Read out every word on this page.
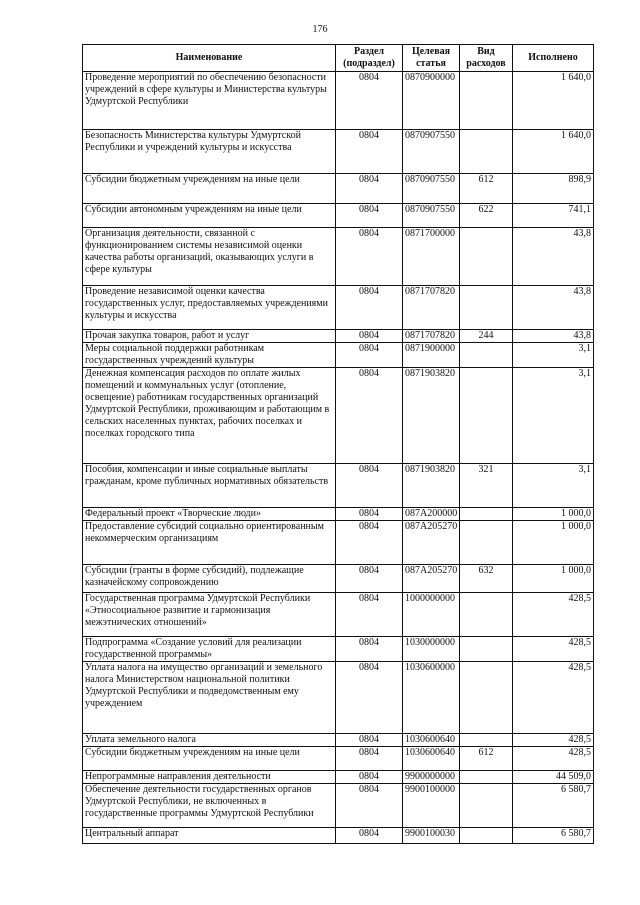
176
Наименование	Раздел (подраздел)	Целевая статья	Вид расходов	Исполнено
Проведение мероприятий по обеспечению безопасности учреждений в сфере культуры и Министерства культуры Удмуртской Республики	0804	0870900000		1 640,0
Безопасность Министерства культуры Удмуртской Республики и учреждений культуры и искусства	0804	0870907550		1 640,0
Субсидии бюджетным учреждениям на иные цели	0804	0870907550	612	898,9
Субсидии автономным учреждениям на иные цели	0804	0870907550	622	741,1
Организация деятельности, связанной с функционированием системы независимой оценки качества работы организаций, оказывающих услуги в сфере культуры	0804	0871700000		43,8
Проведение независимой оценки качества государственных услуг, предоставляемых учреждениями культуры и искусства	0804	0871707820		43,8
Прочая закупка товаров, работ и услуг	0804	0871707820	244	43,8
Меры социальной поддержки работникам государственных учреждений культуры	0804	0871900000		3,1
Денежная компенсация расходов по оплате жилых помещений и коммунальных услуг (отопление, освещение) работникам государственных организаций Удмуртской Республики, проживающим и работающим в сельских населенных пунктах, рабочих поселках и поселках городского типа	0804	0871903820		3,1
Пособия, компенсации и иные социальные выплаты гражданам, кроме публичных нормативных обязательств	0804	0871903820	321	3,1
Федеральный проект «Творческие люди»	0804	087A200000		1 000,0
Предоставление субсидий социально ориентированным некоммерческим организациям	0804	087A205270		1 000,0
Субсидии (гранты в форме субсидий), подлежащие казначейскому сопровождению	0804	087A205270	632	1 000,0
Государственная программа Удмуртской Республики «Этносоциальное развитие и гармонизация межэтнических отношений»	0804	1000000000		428,5
Подпрограмма «Создание условий для реализации государственной программы»	0804	1030000000		428,5
Уплата налога на имущество организаций и земельного налога Министерством национальной политики Удмуртской Республики и подведомственным ему учреждением	0804	1030600000		428,5
Уплата земельного налога	0804	1030600640		428,5
Субсидии бюджетным учреждениям на иные цели	0804	1030600640	612	428,5
Непрограммные направления деятельности	0804	9900000000		44 509,0
Обеспечение деятельности государственных органов Удмуртской Республики, не включенных в государственные программы Удмуртской Республики	0804	9900100000		6 580,7
Центральный аппарат	0804	9900100030		6 580,7
